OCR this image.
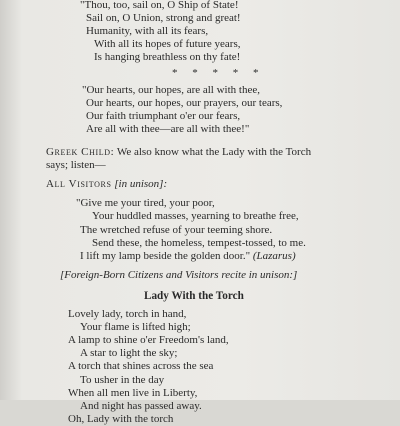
"Thou, too, sail on, O Ship of State!
Sail on, O Union, strong and great!
Humanity, with all its fears,
With all its hopes of future years,
Is hanging breathless on thy fate!
* * * * *
"Our hearts, our hopes, are all with thee,
Our hearts, our hopes, our prayers, our tears,
Our faith triumphant o'er our fears,
Are all with thee—are all with thee!"
Greek Child: We also know what the Lady with the Torch
says; listen—
All Visitors [in unison]:
"Give me your tired, your poor,
Your huddled masses, yearning to breathe free,
The wretched refuse of your teeming shore.
Send these, the homeless, tempest-tossed, to me.
I lift my lamp beside the golden door." (Lazarus)
[Foreign-Born Citizens and Visitors recite in unison:]
Lady With the Torch
Lovely lady, torch in hand,
Your flame is lifted high;
A lamp to shine o'er Freedom's land,
A star to light the sky;
A torch that shines across the sea
To usher in the day
When all men live in Liberty,
And night has passed away.
Oh, Lady with the torch
